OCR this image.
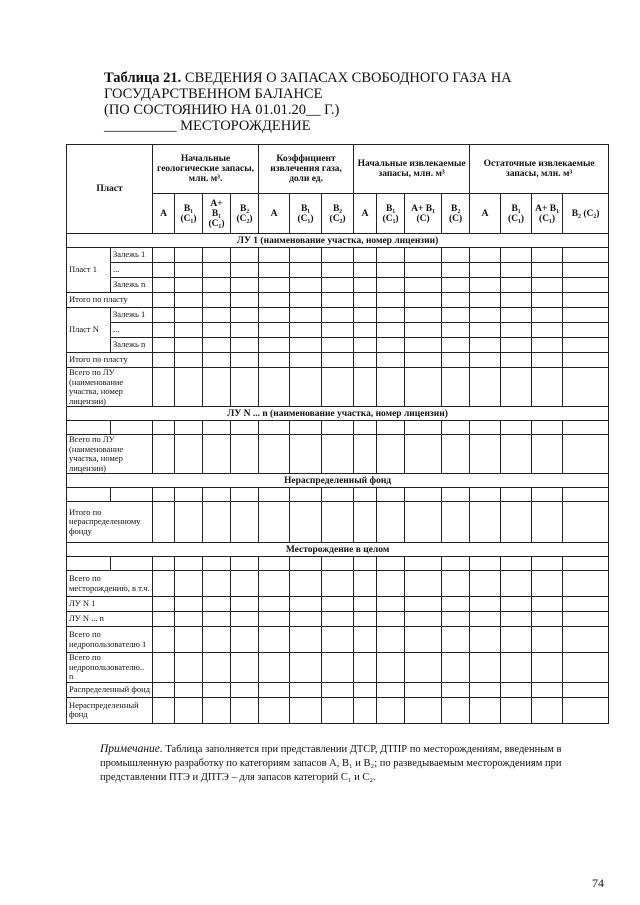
Таблица 21. СВЕДЕНИЯ О ЗАПАСАХ СВОБОДНОГО ГАЗА НА ГОСУДАРСТВЕННОМ БАЛАНСЕ
(ПО СОСТОЯНИЮ НА 01.01.20__ Г.)
__________ МЕСТОРОЖДЕНИЕ
Пласт		Начальные геологические запасы, млн. м³.				Коэффициент извлечения газа, доли ед.			Начальные извлекаемые запасы, млн. м³				Остаточные извлекаемые запасы, млн. м³			
		А	В₁ (С₁)	А+ В₁ (С₁)	В₂ (С₂)	А	В₁ (С₁)	В₂ (С₂)	А	В₁ (С₁)	А+ В₁ (С)	В₂ (С)	А	В₁ (С₁)	А+ В₁ (С₁)	В₂ (С₂)
ЛУ 1 (наименование участка, номер лицензии)																
Пласт 1	Залежь 1															
	...															
	Залежь n															
Итого по пласту																
Пласт N	Залежь 1															
	...															
	Залежь n															
Итого по пласту																
Всего по ЛУ (наименование участка, номер лицензии)																
ЛУ N ... n (наименование участка, номер лицензии)																

Всего по ЛУ (наименование участка, номер лицензии)																
Нераспределенный фонд																

Итого по нераспределенному фонду																
Месторождение в целом																

Всего по месторождению, в т.ч.																
ЛУ N 1																
ЛУ N ... n																
Всего по недропользователю 1																
Всего по недропользователю.. n																
Распределенный фонд																
Нераспределенный фонд																
Примечание. Таблица заполняется при представлении ДТСР, ДТПР по месторождениям, введенным в промышленную разработку по категориям запасов А, В₁ и В₂; по разведываемым месторождениям при представлении ПТЭ и ДПТЭ – для запасов категорий С₁ и С₂.
74
